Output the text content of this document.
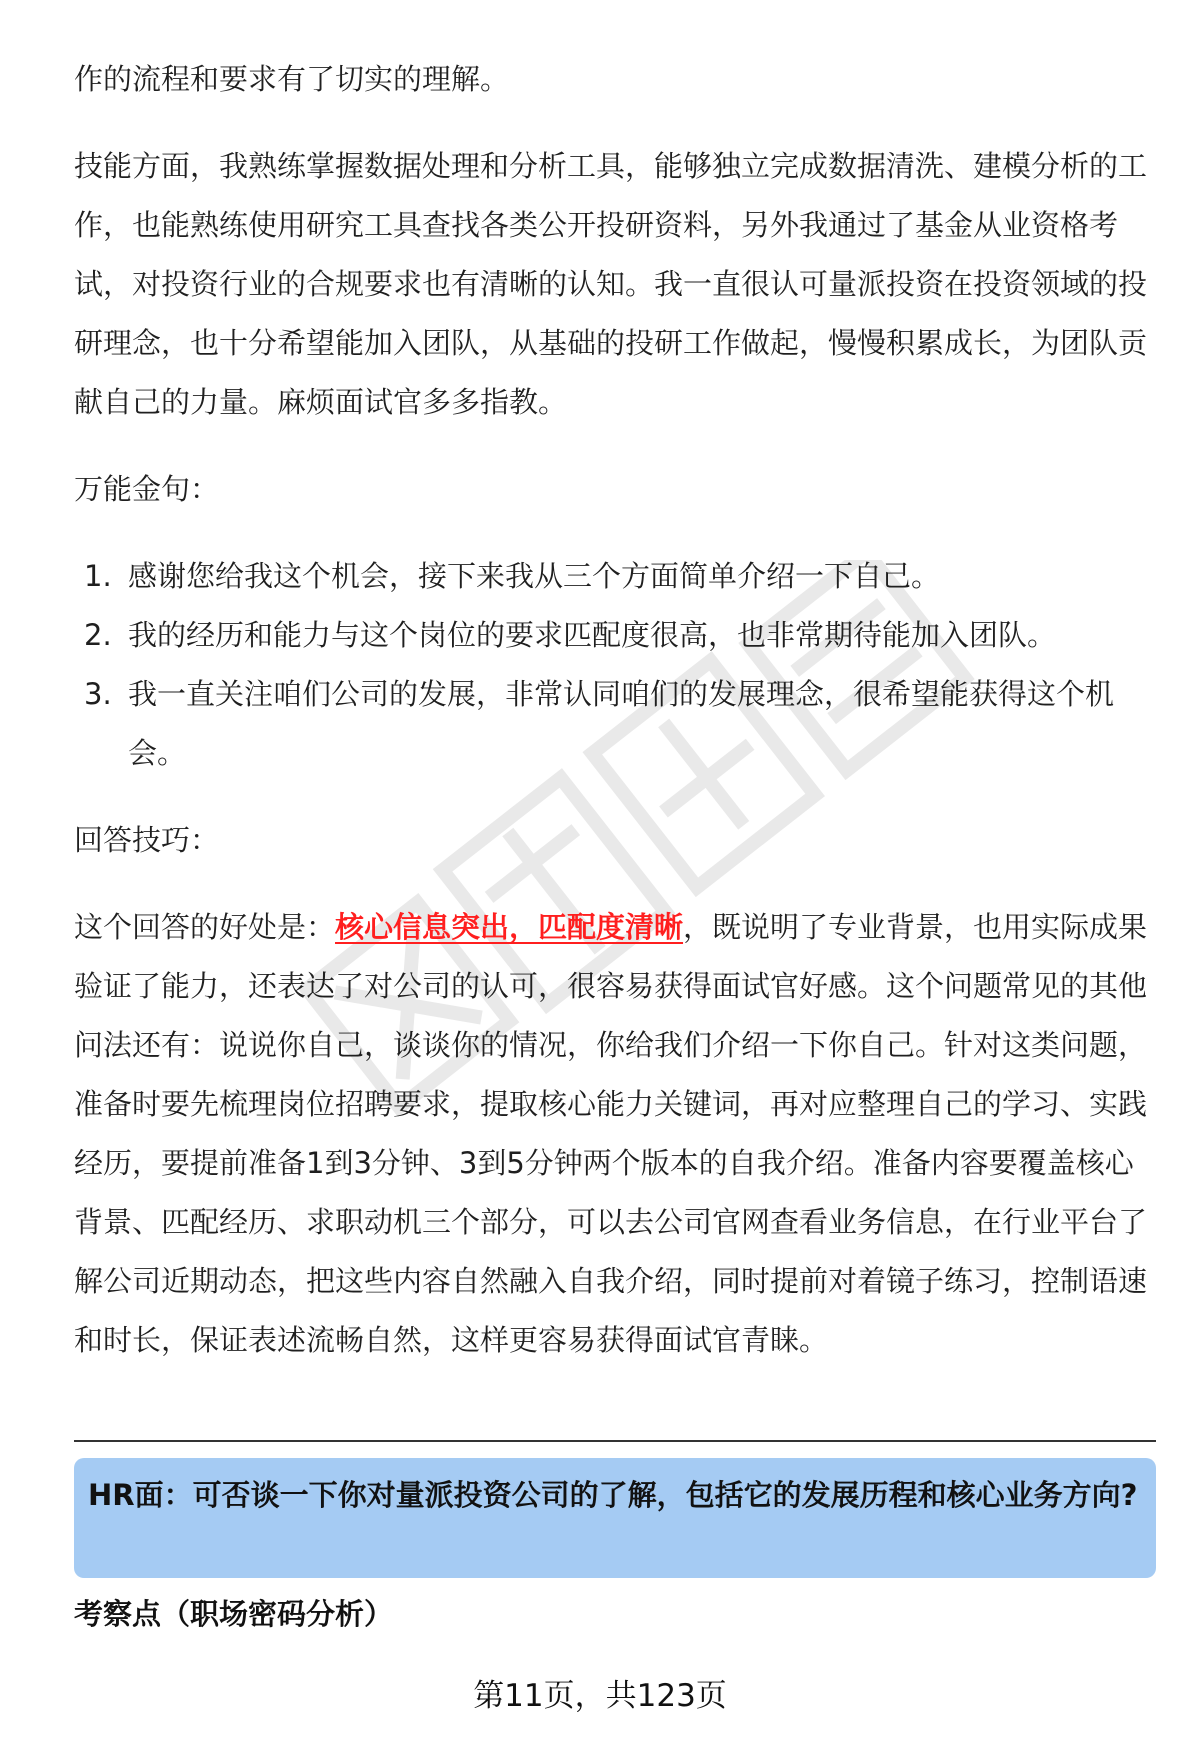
作的流程和要求有了切实的理解。

技能方面，我熟练掌握数据处理和分析工具，能够独立完成数据清洗、建模分析的工作，也能熟练使用研究工具查找各类公开投研资料，另外我通过了基金从业资格考试，对投资行业的合规要求也有清晰的认知。我一直很认可量派投资在投资领域的投研理念，也十分希望能加入团队，从基础的投研工作做起，慢慢积累成长，为团队贡献自己的力量。麻烦面试官多多指教。

万能金句：

1. 感谢您给我这个机会，接下来我从三个方面简单介绍一下自己。
2. 我的经历和能力与这个岗位的要求匹配度很高，也非常期待能加入团队。
3. 我一直关注咱们公司的发展，非常认同咱们的发展理念，很希望能获得这个机会。

回答技巧：

这个回答的好处是：核心信息突出，匹配度清晰，既说明了专业背景，也用实际成果验证了能力，还表达了对公司的认可，很容易获得面试官好感。这个问题常见的其他问法还有：说说你自己，谈谈你的情况，你给我们介绍一下你自己。针对这类问题，准备时要先梳理岗位招聘要求，提取核心能力关键词，再对应整理自己的学习、实践经历，要提前准备1到3分钟、3到5分钟两个版本的自我介绍。准备内容要覆盖核心背景、匹配经历、求职动机三个部分，可以去公司官网查看业务信息，在行业平台了解公司近期动态，把这些内容自然融入自我介绍，同时提前对着镜子练习，控制语速和时长，保证表述流畅自然，这样更容易获得面试官青睐。

HR面：可否谈一下你对量派投资公司的了解，包括它的发展历程和核心业务方向?
考察点（职场密码分析）
第11页，共123页
